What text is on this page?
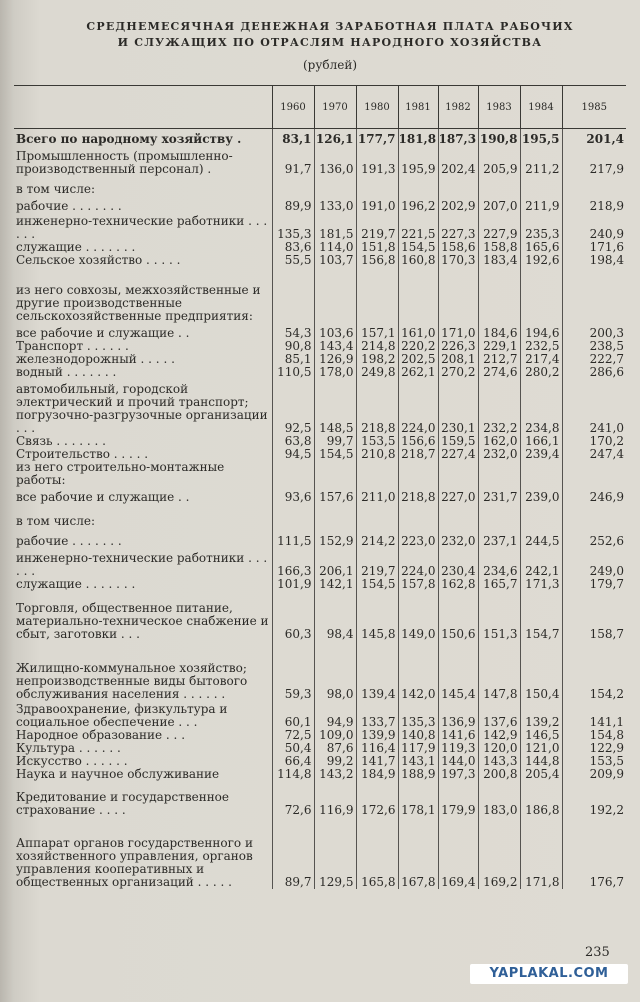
СРЕДНЕМЕСЯЧНАЯ ДЕНЕЖНАЯ ЗАРАБОТНАЯ ПЛАТА РАБОЧИХ
И СЛУЖАЩИХ ПО ОТРАСЛЯМ НАРОДНОГО ХОЗЯЙСТВА
(рублей)
	1960	1970	1980	1981	1982	1983	1984	1985
Всего по народному хозяйству .	83,1	126,1	177,7	181,8	187,3	190,8	195,5	201,4
Промышленность (промышленно-производственный персонал) .	91,7	136,0	191,3	195,9	202,4	205,9	211,2	217,9
в том числе:								
рабочие . . . . . . .	89,9	133,0	191,0	196,2	202,9	207,0	211,9	218,9
инженерно-технические работники . . . . . .	135,3	181,5	219,7	221,5	227,3	227,9	235,3	240,9
служащие . . . . . . .	83,6	114,0	151,8	154,5	158,6	158,8	165,6	171,6
Сельское хозяйство . . . . .	55,5	103,7	156,8	160,8	170,3	183,4	192,6	198,4
из него совхозы, межхозяйственные и другие производственные сельскохозяйственные предприятия:								
все рабочие и служащие . .	54,3	103,6	157,1	161,0	171,0	184,6	194,6	200,3
Транспорт . . . . . .	90,8	143,4	214,8	220,2	226,3	229,1	232,5	238,5
железнодорожный . . . . .	85,1	126,9	198,2	202,5	208,1	212,7	217,4	222,7
водный . . . . . . .	110,5	178,0	249,8	262,1	270,2	274,6	280,2	286,6
автомобильный, городской электрический и прочий транспорт; погрузочно-разгрузочные организации . . .	92,5	148,5	218,8	224,0	230,1	232,2	234,8	241,0
Связь . . . . . . .	63,8	99,7	153,5	156,6	159,5	162,0	166,1	170,2
Строительство . . . . .	94,5	154,5	210,8	218,7	227,4	232,0	239,4	247,4
из него строительно-монтажные работы:								
все рабочие и служащие . .	93,6	157,6	211,0	218,8	227,0	231,7	239,0	246,9
в том числе:								
рабочие . . . . . . .	111,5	152,9	214,2	223,0	232,0	237,1	244,5	252,6
инженерно-технические работники . . . . . .	166,3	206,1	219,7	224,0	230,4	234,6	242,1	249,0
служащие . . . . . . .	101,9	142,1	154,5	157,8	162,8	165,7	171,3	179,7
Торговля, общественное питание, материально-техническое снабжение и сбыт, заготовки . . .	60,3	98,4	145,8	149,0	150,6	151,3	154,7	158,7
Жилищно-коммунальное хозяйство; непроизводственные виды бытового обслуживания населения . . . . . .	59,3	98,0	139,4	142,0	145,4	147,8	150,4	154,2
Здравоохранение, физкультура и социальное обеспечение . . .	60,1	94,9	133,7	135,3	136,9	137,6	139,2	141,1
Народное образование . . .	72,5	109,0	139,9	140,8	141,6	142,9	146,5	154,8
Культура . . . . . .	50,4	87,6	116,4	117,9	119,3	120,0	121,0	122,9
Искусство . . . . . .	66,4	99,2	141,7	143,1	144,0	143,3	144,8	153,5
Наука и научное обслуживание	114,8	143,2	184,9	188,9	197,3	200,8	205,4	209,9
Кредитование и государственное страхование . . . .	72,6	116,9	172,6	178,1	179,9	183,0	186,8	192,2
Аппарат органов государственного и хозяйственного управления, органов управления кооперативных и общественных организаций . . . . .	89,7	129,5	165,8	167,8	169,4	169,2	171,8	176,7
235
YAPLAKAL.COM
